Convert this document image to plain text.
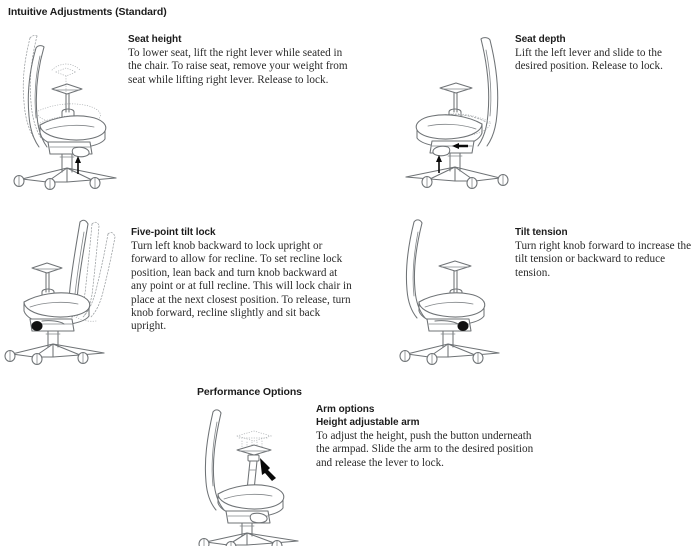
Intuitive Adjustments (Standard)

Seat height

To lower seat, lift the right lever while seated in the chair. To raise seat, remove your weight from seat while lifting right lever. Release to lock.

Seat depth

Lift the left lever and slide to the desired position. Release to lock.

Five-point tilt lock

Turn left knob backward to lock upright or forward to allow for recline. To set recline lock position, lean back and turn knob backward at any point or at full recline. This will lock chair in place at the next closest position. To release, turn knob forward, recline slightly and sit back upright.

Tilt tension

Turn right knob forward to increase the tilt tension or backward to reduce tension.

Performance Options

Arm options

Height adjustable arm

To adjust the height, push the button underneath the armpad. Slide the arm to the desired position and release the lever to lock.
